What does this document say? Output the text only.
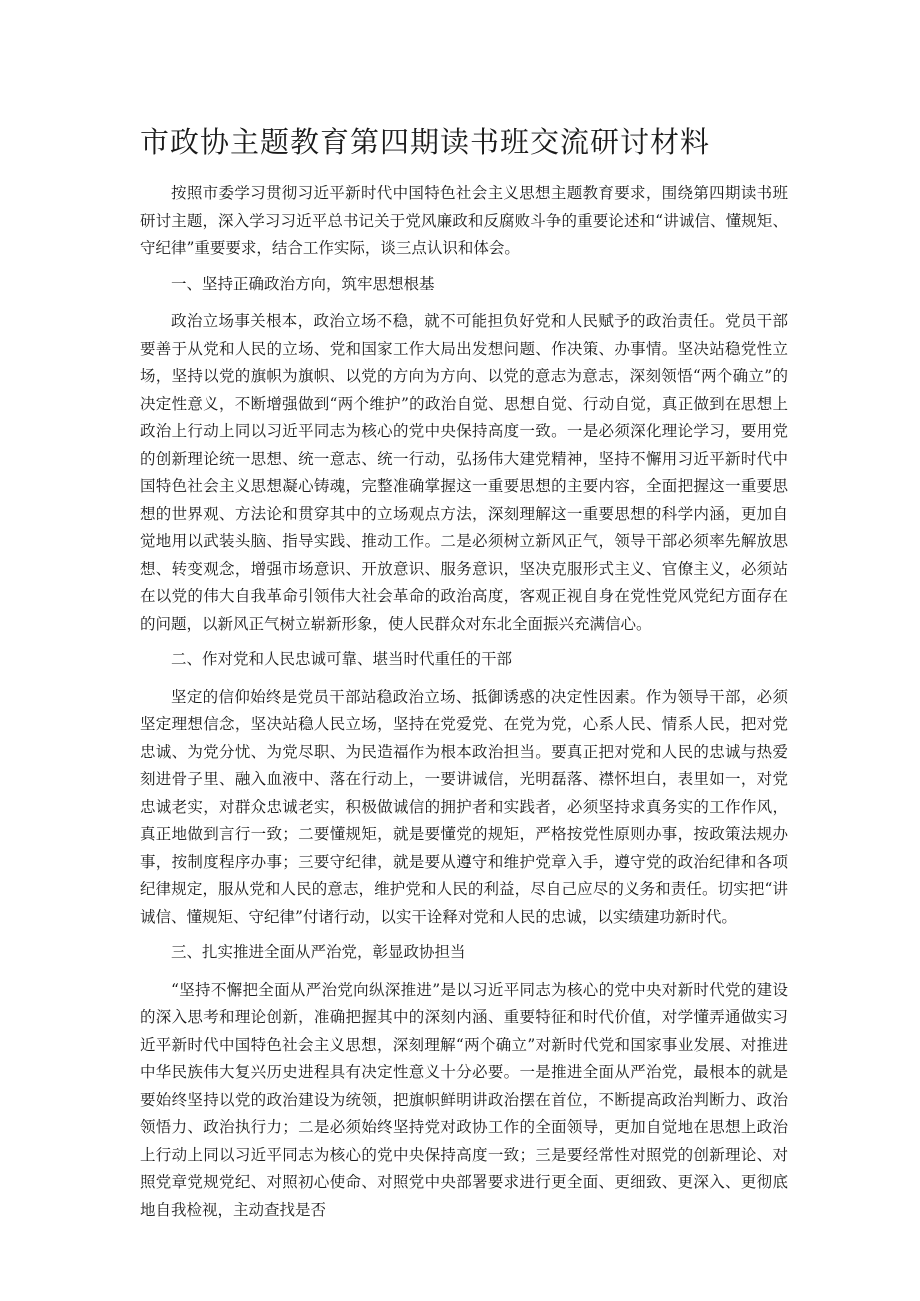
市政协主题教育第四期读书班交流研讨材料

按照市委学习贯彻习近平新时代中国特色社会主义思想主题教育要求，围绕第四期读书班研讨主题，深入学习习近平总书记关于党风廉政和反腐败斗争的重要论述和“讲诚信、懂规矩、守纪律”重要要求，结合工作实际，谈三点认识和体会。

一、坚持正确政治方向，筑牢思想根基

政治立场事关根本，政治立场不稳，就不可能担负好党和人民赋予的政治责任。党员干部要善于从党和人民的立场、党和国家工作大局出发想问题、作决策、办事情。坚决站稳党性立场，坚持以党的旗帜为旗帜、以党的方向为方向、以党的意志为意志，深刻领悟“两个确立”的决定性意义，不断增强做到“两个维护”的政治自觉、思想自觉、行动自觉，真正做到在思想上政治上行动上同以习近平同志为核心的党中央保持高度一致。一是必须深化理论学习，要用党的创新理论统一思想、统一意志、统一行动，弘扬伟大建党精神，坚持不懈用习近平新时代中国特色社会主义思想凝心铸魂，完整准确掌握这一重要思想的主要内容，全面把握这一重要思想的世界观、方法论和贯穿其中的立场观点方法，深刻理解这一重要思想的科学内涵，更加自觉地用以武装头脑、指导实践、推动工作。二是必须树立新风正气，领导干部必须率先解放思想、转变观念，增强市场意识、开放意识、服务意识，坚决克服形式主义、官僚主义，必须站在以党的伟大自我革命引领伟大社会革命的政治高度，客观正视自身在党性党风党纪方面存在的问题，以新风正气树立崭新形象，使人民群众对东北全面振兴充满信心。

二、作对党和人民忠诚可靠、堪当时代重任的干部

坚定的信仰始终是党员干部站稳政治立场、抵御诱惑的决定性因素。作为领导干部，必须坚定理想信念，坚决站稳人民立场，坚持在党爱党、在党为党，心系人民、情系人民，把对党忠诚、为党分忧、为党尽职、为民造福作为根本政治担当。要真正把对党和人民的忠诚与热爱刻进骨子里、融入血液中、落在行动上，一要讲诚信，光明磊落、襟怀坦白，表里如一，对党忠诚老实，对群众忠诚老实，积极做诚信的拥护者和实践者，必须坚持求真务实的工作作风，真正地做到言行一致；二要懂规矩，就是要懂党的规矩，严格按党性原则办事，按政策法规办事，按制度程序办事；三要守纪律，就是要从遵守和维护党章入手，遵守党的政治纪律和各项纪律规定，服从党和人民的意志，维护党和人民的利益，尽自己应尽的义务和责任。切实把“讲诚信、懂规矩、守纪律”付诸行动，以实干诠释对党和人民的忠诚，以实绩建功新时代。

三、扎实推进全面从严治党，彰显政协担当

“坚持不懈把全面从严治党向纵深推进”是以习近平同志为核心的党中央对新时代党的建设的深入思考和理论创新，准确把握其中的深刻内涵、重要特征和时代价值，对学懂弄通做实习近平新时代中国特色社会主义思想，深刻理解“两个确立”对新时代党和国家事业发展、对推进中华民族伟大复兴历史进程具有决定性意义十分必要。一是推进全面从严治党，最根本的就是要始终坚持以党的政治建设为统领，把旗帜鲜明讲政治摆在首位，不断提高政治判断力、政治领悟力、政治执行力；二是必须始终坚持党对政协工作的全面领导，更加自觉地在思想上政治上行动上同以习近平同志为核心的党中央保持高度一致；三是要经常性对照党的创新理论、对照党章党规党纪、对照初心使命、对照党中央部署要求进行更全面、更细致、更深入、更彻底地自我检视，主动查找是否
